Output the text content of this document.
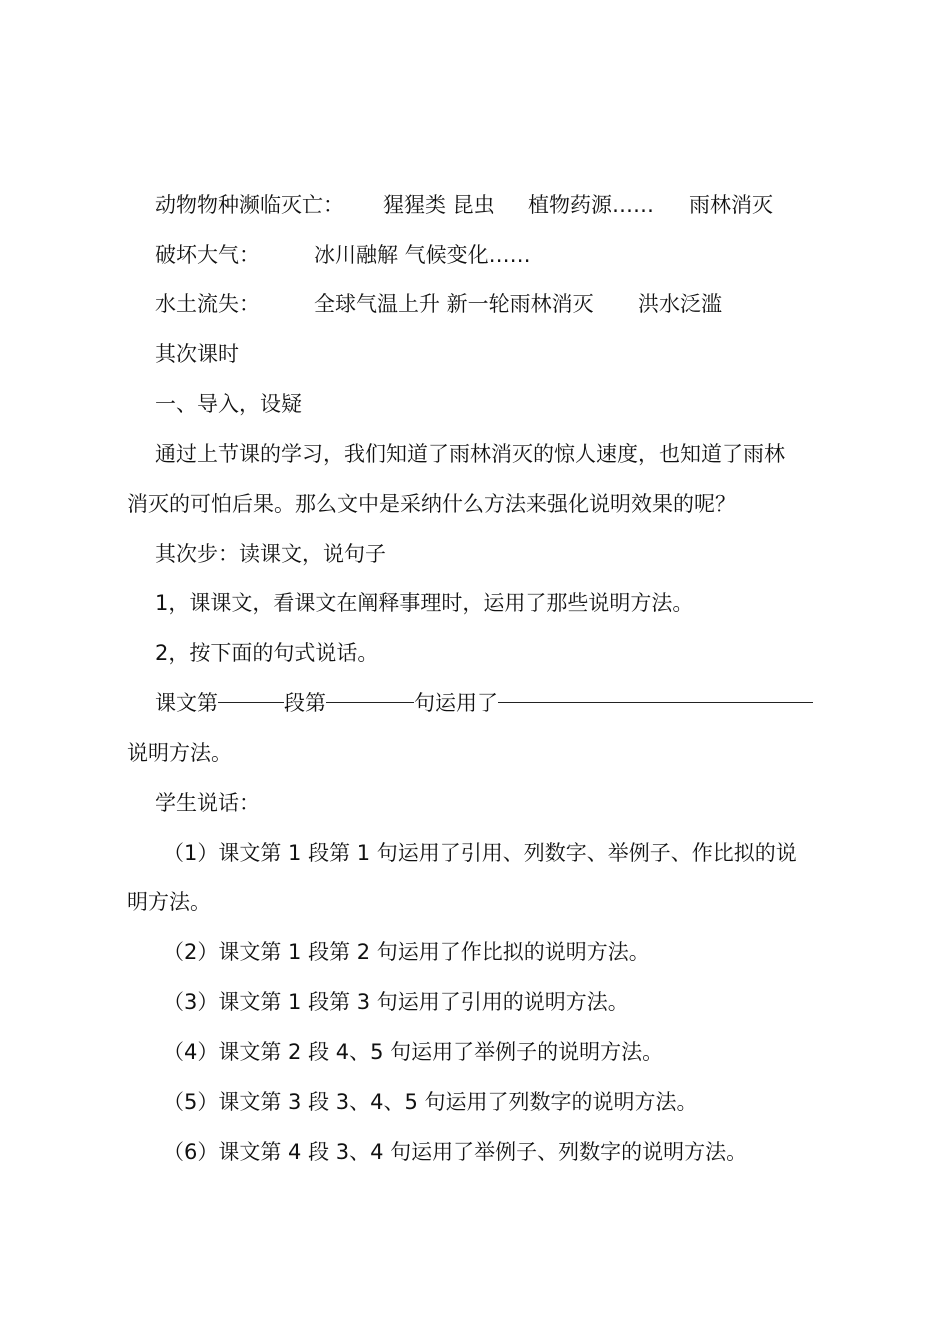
动物物种濒临灭亡： 猩猩类 昆虫 植物药源…… 雨林消灭
破坏大气：	冰川融解 气候变化……
水土流失：	全球气温上升 新一轮雨林消灭 洪水泛滥
其次课时
一、导入，设疑
通过上节课的学习，我们知道了雨林消灭的惊人速度，也知道了雨林
消灭的可怕后果。那么文中是采纳什么方法来强化说明效果的呢？
其次步：读课文，说句子
1，课课文，看课文在阐释事理时，运用了那些说明方法。
2，按下面的句式说话。
课文第	段第	句运用了
说明方法。
学生说话：
（1）课文第 1 段第 1 句运用了引用、列数字、举例子、作比拟的说
明方法。
（2）课文第 1 段第 2 句运用了作比拟的说明方法。
（3）课文第 1 段第 3 句运用了引用的说明方法。
（4）课文第 2 段 4、5 句运用了举例子的说明方法。
（5）课文第 3 段 3、4、5 句运用了列数字的说明方法。
（6）课文第 4 段 3、4 句运用了举例子、列数字的说明方法。
